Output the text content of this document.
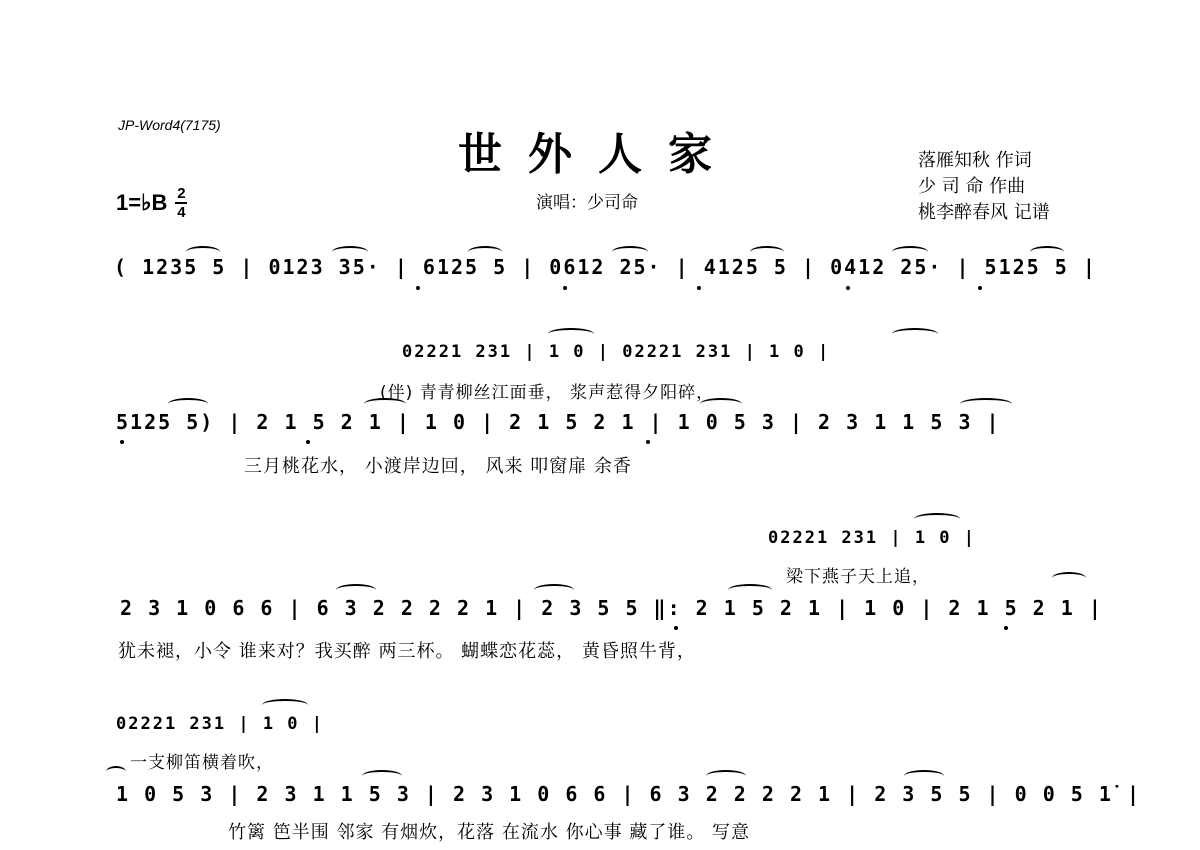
JP-Word4(7175)
世外人家	落雁知秋 作词
少 司 命 作曲
桃李醉春风 记谱
演唱：少司命
1=♭B 2
4
( 1235 5 | 0123 35· | 6125 5 | 0612 25· | 4125 5 | 0412 25· | 5125 5 |
02221 231 | 1 0 | 02221 231 | 1 0 |
(伴) 青青柳丝江面垂， 浆声惹得夕阳碎，
5125 5) | 2 1 5 2 1 | 1 0 | 2 1 5 2 1 | 1 0 5 3 | 2 3 1 1 5 3 |
三月桃花水， 小渡岸边回， 风来 叩窗扉 余香
02221 231 | 1 0 |
梁下燕子天上追，
2 3 1 0 6 6 | 6 3 2 2 2 2 1 | 2 3 5 5 ‖: 2 1 5 2 1 | 1 0 | 2 1 5 2 1 |
犹未褪，小令 谁来对？我买醉 两三杯。 蝴蝶恋花蕊， 黄昏照牛背，
02221 231 | 1 0 |
一支柳笛横着吹，
1 0 5 3 | 2 3 1 1 5 3 | 2 3 1 0 6 6 | 6 3 2 2 2 2 1 | 2 3 5 5 | 0 0 5 1̇ |
竹篱 笆半围 邻家 有烟炊，花落 在流水 你心事 藏了谁。 写意
